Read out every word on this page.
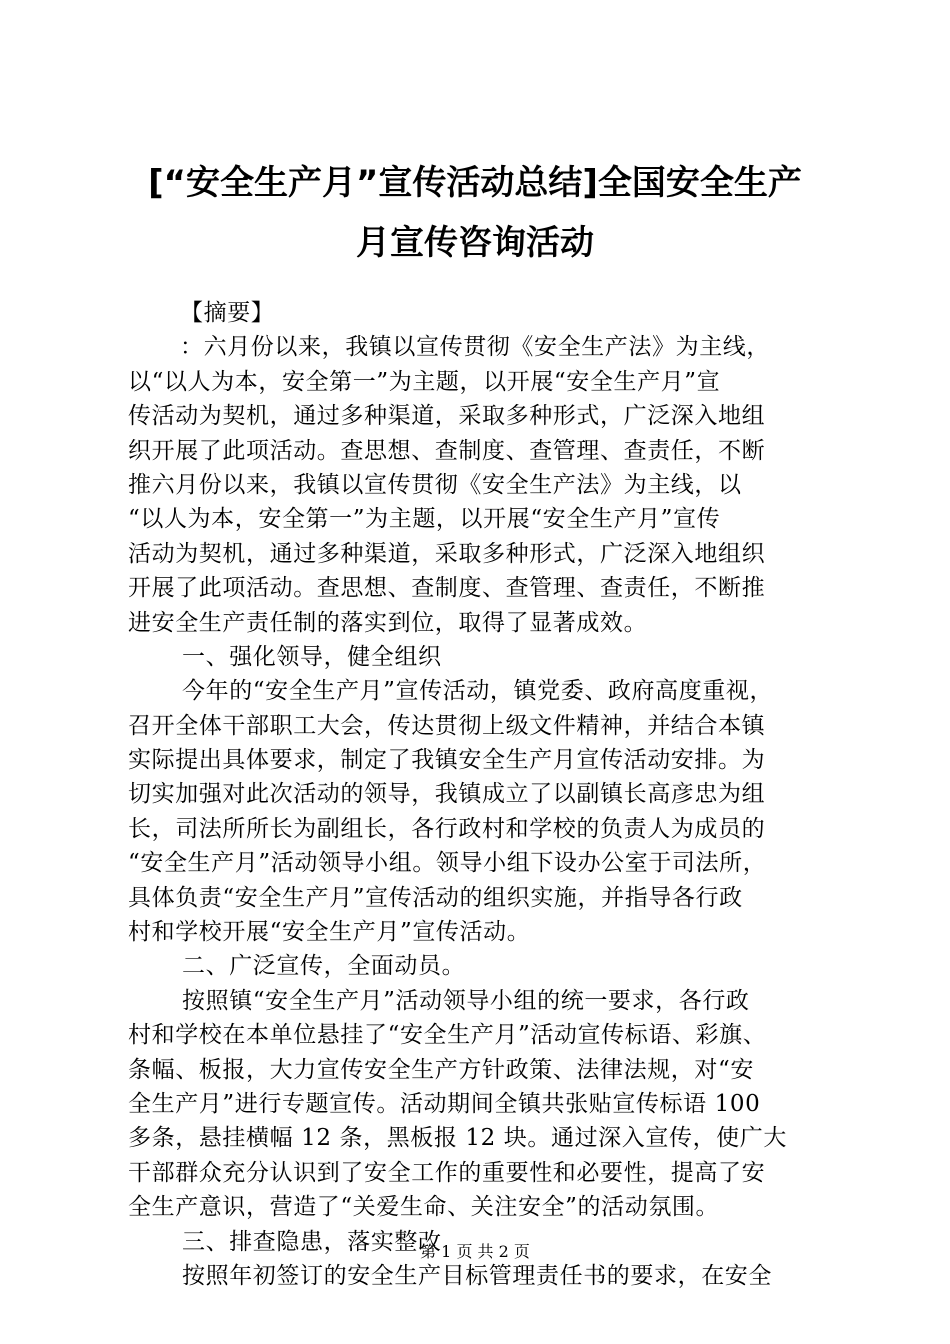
[“安全生产月”宣传活动总结]全国安全生产
月宣传咨询活动
【摘要】
：六月份以来，我镇以宣传贯彻《安全生产法》为主线，
以“以人为本，安全第一”为主题，以开展“安全生产月”宣
传活动为契机，通过多种渠道，采取多种形式，广泛深入地组
织开展了此项活动。查思想、查制度、查管理、查责任，不断
推六月份以来，我镇以宣传贯彻《安全生产法》为主线，以
“以人为本，安全第一”为主题，以开展“安全生产月”宣传
活动为契机，通过多种渠道，采取多种形式，广泛深入地组织
开展了此项活动。查思想、查制度、查管理、查责任，不断推
进安全生产责任制的落实到位，取得了显著成效。
一、强化领导，健全组织
今年的“安全生产月”宣传活动，镇党委、政府高度重视，
召开全体干部职工大会，传达贯彻上级文件精神，并结合本镇
实际提出具体要求，制定了我镇安全生产月宣传活动安排。为
切实加强对此次活动的领导，我镇成立了以副镇长高彦忠为组
长，司法所所长为副组长，各行政村和学校的负责人为成员的
“安全生产月”活动领导小组。领导小组下设办公室于司法所，
具体负责“安全生产月”宣传活动的组织实施，并指导各行政
村和学校开展“安全生产月”宣传活动。
二、广泛宣传，全面动员。
按照镇“安全生产月”活动领导小组的统一要求，各行政
村和学校在本单位悬挂了“安全生产月”活动宣传标语、彩旗、
条幅、板报，大力宣传安全生产方针政策、法律法规，对“安
全生产月”进行专题宣传。活动期间全镇共张贴宣传标语 100
多条，悬挂横幅 12 条，黑板报 12 块。通过深入宣传，使广大
干部群众充分认识到了安全工作的重要性和必要性，提高了安
全生产意识，营造了“关爱生命、关注安全”的活动氛围。
三、排查隐患，落实整改
按照年初签订的安全生产目标管理责任书的要求，在安全
第 1 页 共 2 页
